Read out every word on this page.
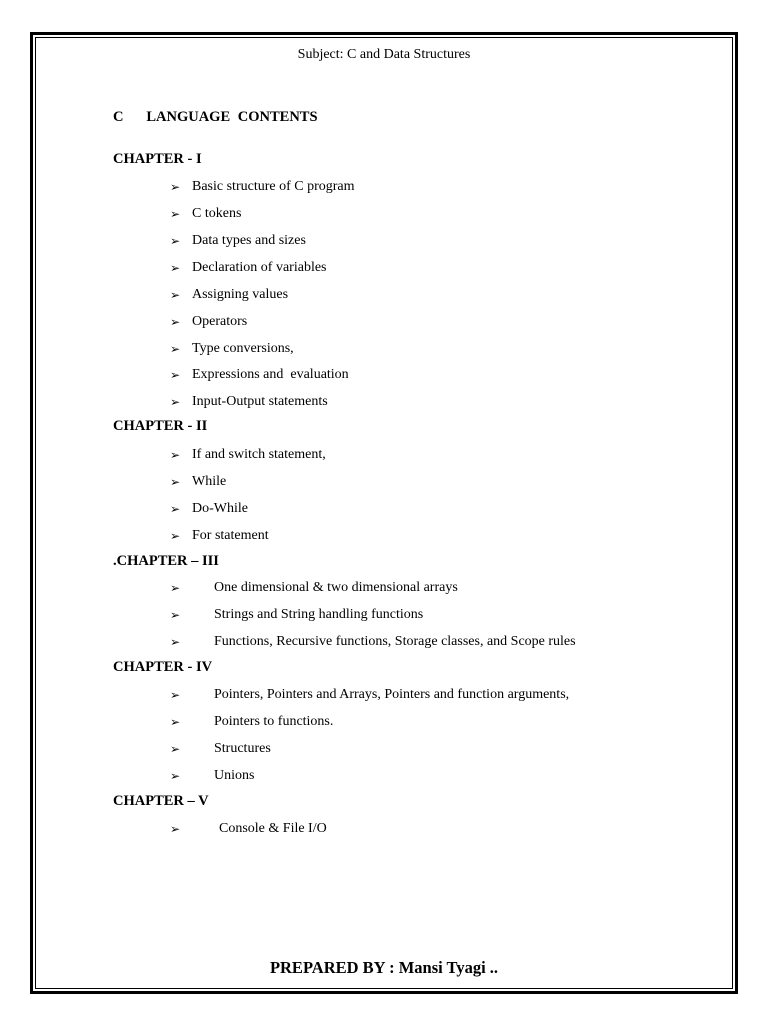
Subject: C and Data Structures
C   LANGUAGE CONTENTS
CHAPTER - I
➢ Basic structure of C program
➢ C tokens
➢ Data types and sizes
➢ Declaration of variables
➢ Assigning values
➢ Operators
➢ Type conversions,
➢ Expressions and  evaluation
➢ Input-Output statements
CHAPTER - II
➢ If and switch statement,
➢ While
➢ Do-While
➢ For statement
.CHAPTER – III
➢ One dimensional & two dimensional arrays
➢ Strings and String handling functions
➢ Functions, Recursive functions, Storage classes, and Scope rules
CHAPTER - IV
➢ Pointers, Pointers and Arrays, Pointers and function arguments,
➢ Pointers to functions.
➢ Structures
➢ Unions
CHAPTER – V
➢	Console & File I/O
PREPARED BY : Mansi Tyagi ..
